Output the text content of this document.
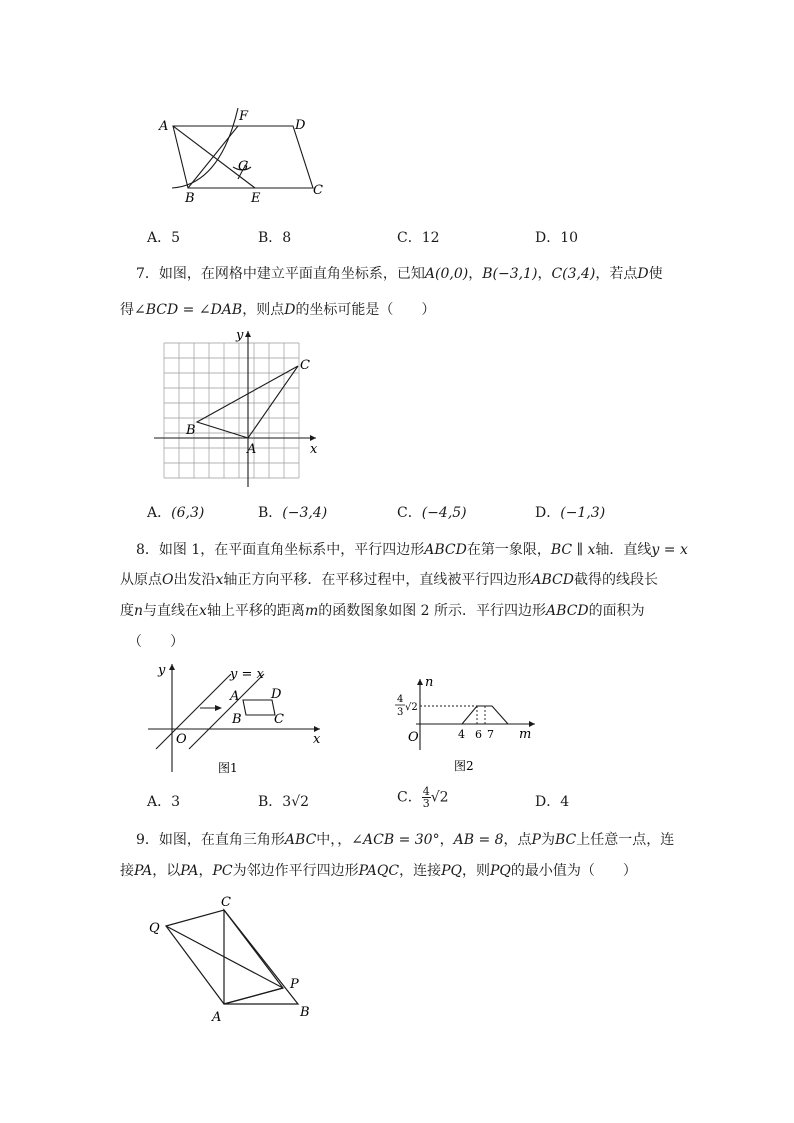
A
F
D
G
B	E
C
A．5	B．8	C．12	D．10
7．如图，在网格中建立平面直角坐标系，已知A(0,0)，B(−3,1)，C(3,4)，若点D使
得∠BCD = ∠DAB，则点D的坐标可能是（　　）
y
x
C
B
A
A．(6,3)	B．(−3,4)	C．(−4,5)	D．(−1,3)
8．如图 1，在平面直角坐标系中，平行四边形ABCD在第一象限，BC ∥ x轴．直线y = x
从原点O出发沿x轴正方向平移．在平移过程中，直线被平行四边形ABCD截得的线段长
度n与直线在x轴上平移的距离m的函数图象如图 2 所示．平行四边形ABCD的面积为
（　　）
y	y = x
A D
B C
O	x
图1
n
4
3 √2
O	4 6 7 m
图2
A．3	B．3√2	C． $\frac{4}{3} √2$	D．4
9．如图，在直角三角形ABC中，，∠ACB = 30°，AB = 8，点P为BC上任意一点，连
接PA，以PA，PC为邻边作平行四边形PAQC，连接PQ，则PQ的最小值为（　　）
C
Q
P
A	B
